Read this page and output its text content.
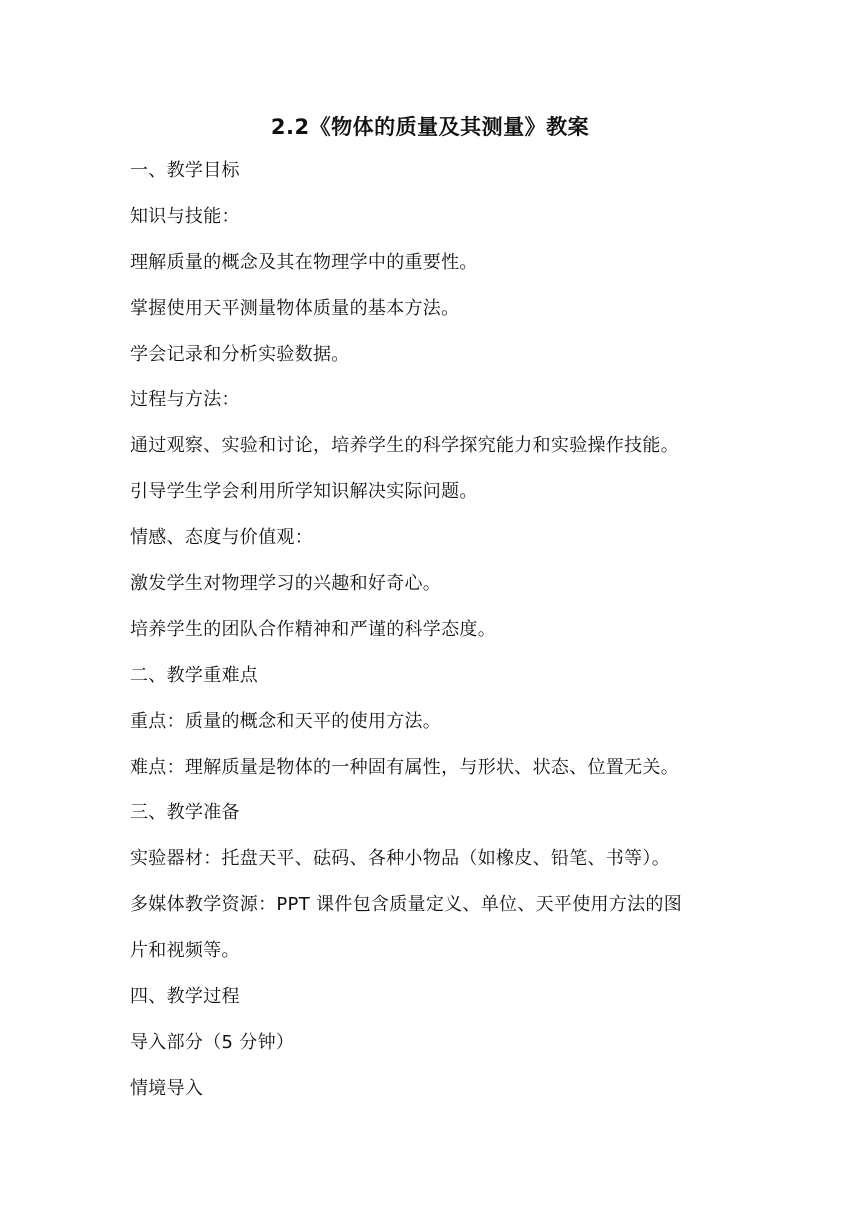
2.2《物体的质量及其测量》教案
一、教学目标
知识与技能：
理解质量的概念及其在物理学中的重要性。
掌握使用天平测量物体质量的基本方法。
学会记录和分析实验数据。
过程与方法：
通过观察、实验和讨论，培养学生的科学探究能力和实验操作技能。
引导学生学会利用所学知识解决实际问题。
情感、态度与价值观：
激发学生对物理学习的兴趣和好奇心。
培养学生的团队合作精神和严谨的科学态度。
二、教学重难点
重点：质量的概念和天平的使用方法。
难点：理解质量是物体的一种固有属性，与形状、状态、位置无关。
三、教学准备
实验器材：托盘天平、砝码、各种小物品（如橡皮、铅笔、书等）。
多媒体教学资源：PPT 课件包含质量定义、单位、天平使用方法的图
片和视频等。
四、教学过程
导入部分（5 分钟）
情境导入
